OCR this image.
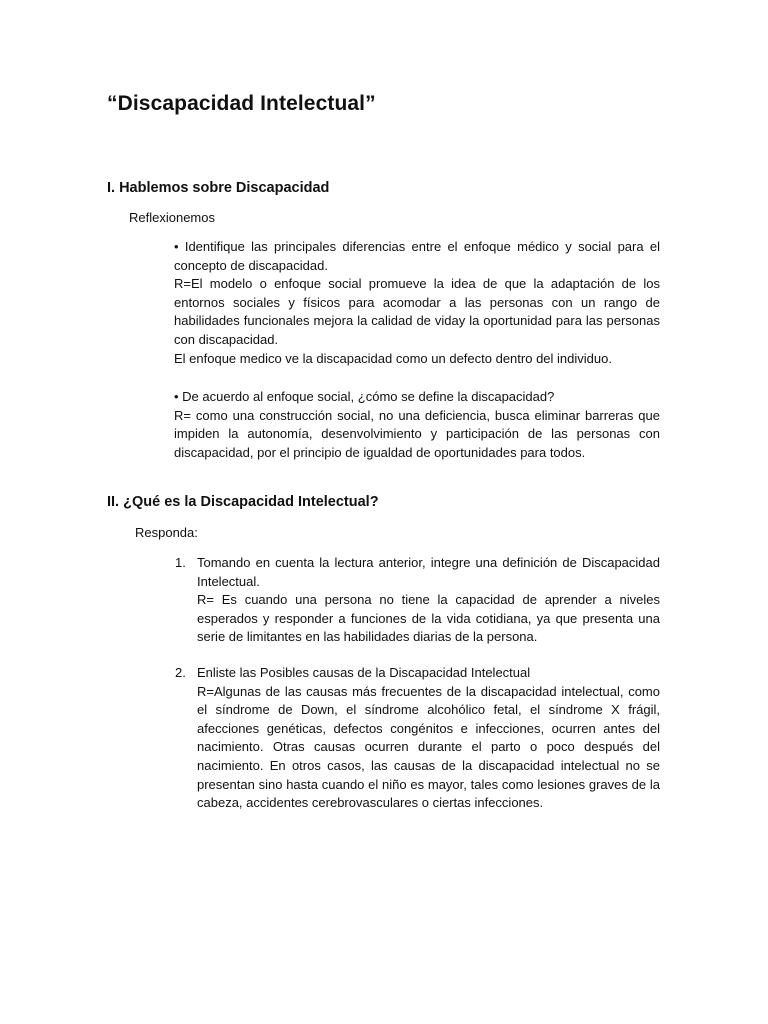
“Discapacidad Intelectual”
I. Hablemos sobre Discapacidad
Reflexionemos

• Identifique las principales diferencias entre el enfoque médico y social para el concepto de discapacidad.

R=El modelo o enfoque social promueve la idea de que la adaptación de los entornos sociales y físicos para acomodar a las personas con un rango de habilidades funcionales mejora la calidad de viday la oportunidad para las personas con discapacidad.

El enfoque medico ve la discapacidad como un defecto dentro del individuo.

• De acuerdo al enfoque social, ¿cómo se define la discapacidad?

R= como una construcción social, no una deficiencia, busca eliminar barreras que impiden la autonomía, desenvolvimiento y participación de las personas con discapacidad, por el principio de igualdad de oportunidades para todos.

II. ¿Qué es la Discapacidad Intelectual?
Responda:
1. Tomando en cuenta la lectura anterior, integre una definición de Discapacidad Intelectual.

R= Es cuando una persona no tiene la capacidad de aprender a niveles esperados y responder a funciones de la vida cotidiana, ya que presenta una serie de limitantes en las habilidades diarias de la persona.

2. Enliste las Posibles causas de la Discapacidad Intelectual

R=Algunas de las causas más frecuentes de la discapacidad intelectual, como el síndrome de Down, el síndrome alcohólico fetal, el síndrome X frágil, afecciones genéticas, defectos congénitos e infecciones, ocurren antes del nacimiento. Otras causas ocurren durante el parto o poco después del nacimiento. En otros casos, las causas de la discapacidad intelectual no se presentan sino hasta cuando el niño es mayor, tales como lesiones graves de la cabeza, accidentes cerebrovasculares o ciertas infecciones.
